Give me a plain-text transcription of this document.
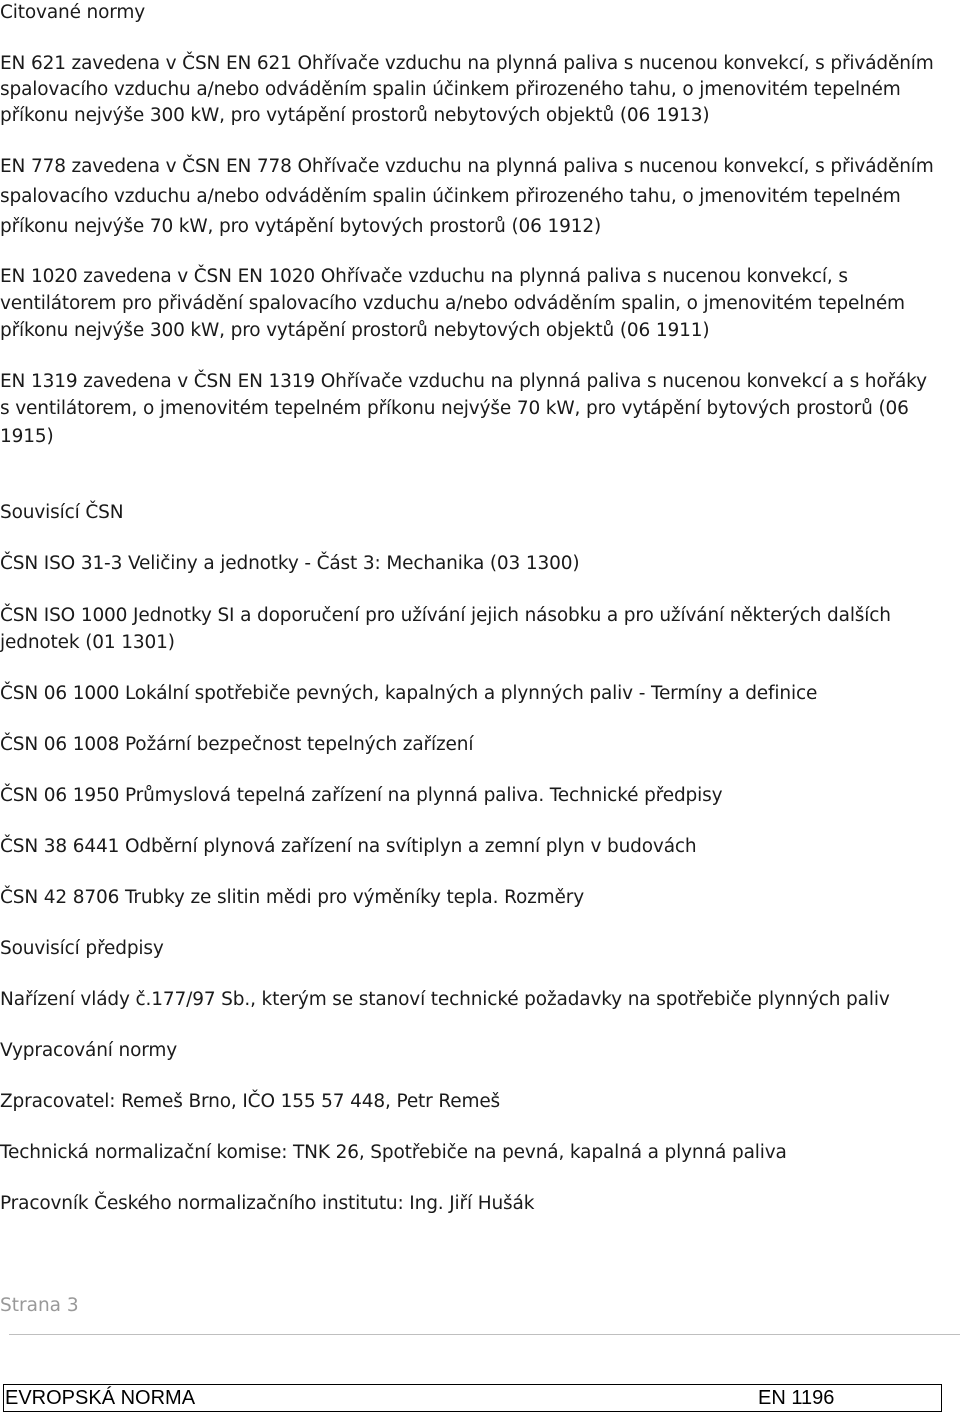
Citované normy
EN 621 zavedena v ČSN EN 621 Ohřívače vzduchu na plynná paliva s nucenou konvekcí, s přiváděním
spalovacího vzduchu a/nebo odváděním spalin účinkem přirozeného tahu, o jmenovitém tepelném
příkonu nejvýše 300 kW, pro vytápění prostorů nebytových objektů (06 1913)
EN 778 zavedena v ČSN EN 778 Ohřívače vzduchu na plynná paliva s nucenou konvekcí, s přiváděním
spalovacího vzduchu a/nebo odváděním spalin účinkem přirozeného tahu, o jmenovitém tepelném
příkonu nejvýše 70 kW, pro vytápění bytových prostorů (06 1912)
EN 1020 zavedena v ČSN EN 1020 Ohřívače vzduchu na plynná paliva s nucenou konvekcí, s
ventilátorem pro přivádění spalovacího vzduchu a/nebo odváděním spalin, o jmenovitém tepelném
příkonu nejvýše 300 kW, pro vytápění prostorů nebytových objektů (06 1911)
EN 1319 zavedena v ČSN EN 1319 Ohřívače vzduchu na plynná paliva s nucenou konvekcí a s hořáky
s ventilátorem, o jmenovitém tepelném příkonu nejvýše 70 kW, pro vytápění bytových prostorů (06
1915)
Souvisící ČSN
ČSN ISO 31-3 Veličiny a jednotky - Část 3: Mechanika (03 1300)
ČSN ISO 1000 Jednotky SI a doporučení pro užívání jejich násobku a pro užívání některých dalších
jednotek (01 1301)
ČSN 06 1000 Lokální spotřebiče pevných, kapalných a plynných paliv - Termíny a definice
ČSN 06 1008 Požární bezpečnost tepelných zařízení
ČSN 06 1950 Průmyslová tepelná zařízení na plynná paliva. Technické předpisy
ČSN 38 6441 Odběrní plynová zařízení na svítiplyn a zemní plyn v budovách
ČSN 42 8706 Trubky ze slitin mědi pro výměníky tepla. Rozměry
Souvisící předpisy
Nařízení vlády č.177/97 Sb., kterým se stanoví technické požadavky na spotřebiče plynných paliv
Vypracování normy
Zpracovatel: Remeš Brno, IČO 155 57 448, Petr Remeš
Technická normalizační komise: TNK 26, Spotřebiče na pevná, kapalná a plynná paliva
Pracovník Českého normalizačního institutu: Ing. Jiří Hušák
Strana 3
EVROPSKÁ NORMA	EN 1196
